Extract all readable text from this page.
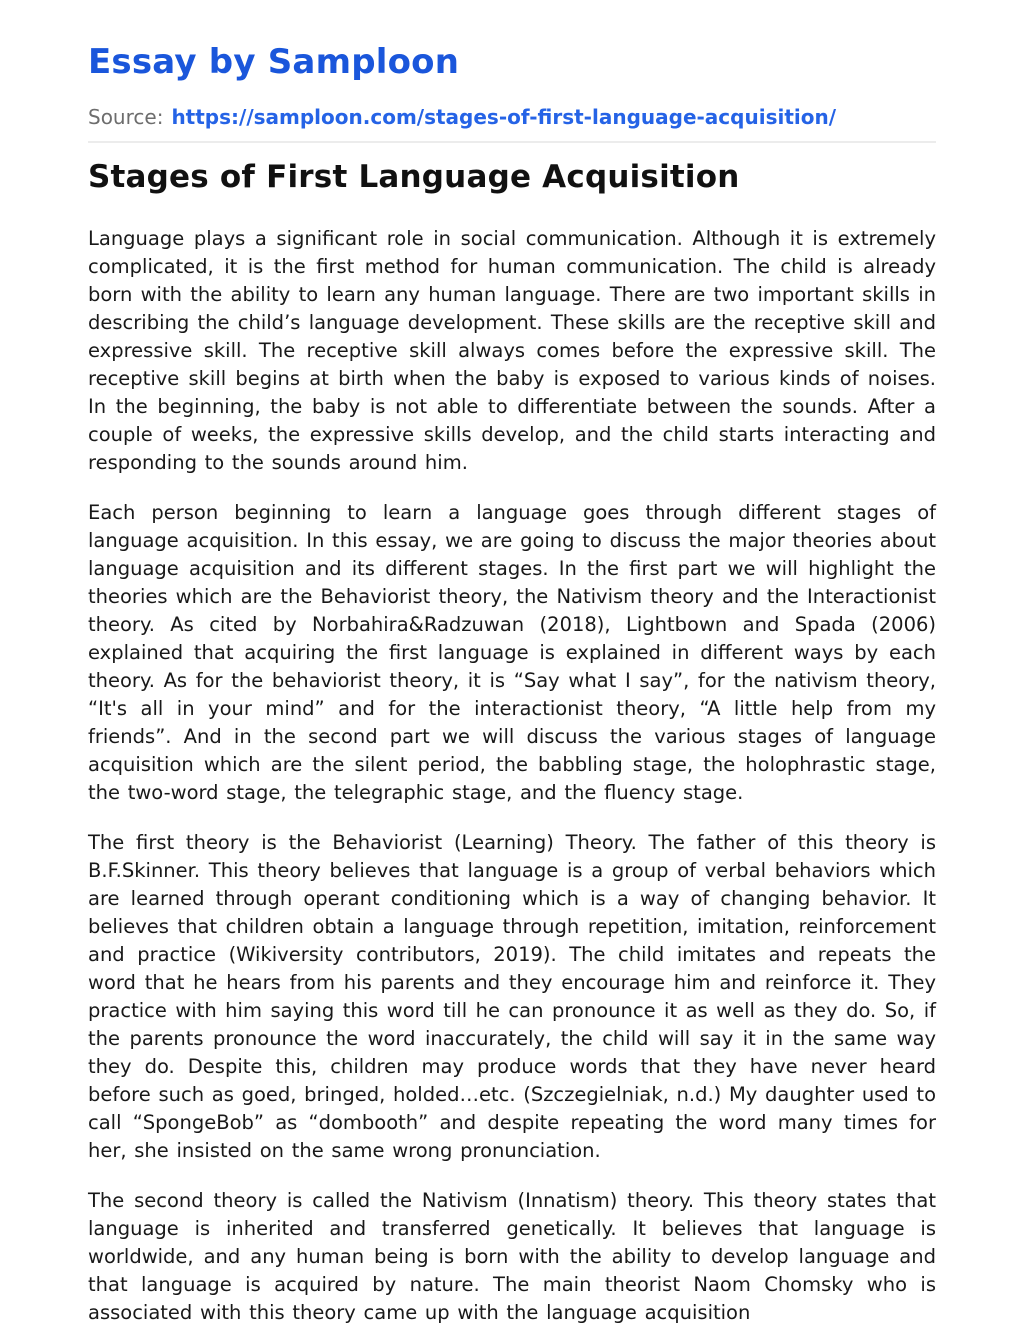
Essay by Samploon
Source: https://samploon.com/stages-of-first-language-acquisition/
Stages of First Language Acquisition

Language plays a significant role in social communication. Although it is extremely complicated, it is the first method for human communication. The child is already born with the ability to learn any human language. There are two important skills in describing the child’s language development. These skills are the receptive skill and expressive skill. The receptive skill always comes before the expressive skill. The receptive skill begins at birth when the baby is exposed to various kinds of noises. In the beginning, the baby is not able to differentiate between the sounds. After a couple of weeks, the expressive skills develop, and the child starts interacting and responding to the sounds around him.

Each person beginning to learn a language goes through different stages of language acquisition. In this essay, we are going to discuss the major theories about language acquisition and its different stages. In the first part we will highlight the theories which are the Behaviorist theory, the Nativism theory and the Interactionist theory. As cited by Norbahira&Radzuwan (2018), Lightbown and Spada (2006) explained that acquiring the first language is explained in different ways by each theory. As for the behaviorist theory, it is “Say what I say”, for the nativism theory, “It's all in your mind” and for the interactionist theory, “A little help from my friends”. And in the second part we will discuss the various stages of language acquisition which are the silent period, the babbling stage, the holophrastic stage, the two-word stage, the telegraphic stage, and the fluency stage.

The first theory is the Behaviorist (Learning) Theory. The father of this theory is B.F.Skinner. This theory believes that language is a group of verbal behaviors which are learned through operant conditioning which is a way of changing behavior. It believes that children obtain a language through repetition, imitation, reinforcement and practice (Wikiversity contributors, 2019). The child imitates and repeats the word that he hears from his parents and they encourage him and reinforce it. They practice with him saying this word till he can pronounce it as well as they do. So, if the parents pronounce the word inaccurately, the child will say it in the same way they do. Despite this, children may produce words that they have never heard before such as goed, bringed, holded…etc. (Szczegielniak, n.d.) My daughter used to call “SpongeBob” as “dombooth” and despite repeating the word many times for her, she insisted on the same wrong pronunciation.

The second theory is called the Nativism (Innatism) theory. This theory states that language is inherited and transferred genetically. It believes that language is worldwide, and any human being is born with the ability to develop language and that language is acquired by nature. The main theorist Naom Chomsky who is associated with this theory came up with the language acquisition
